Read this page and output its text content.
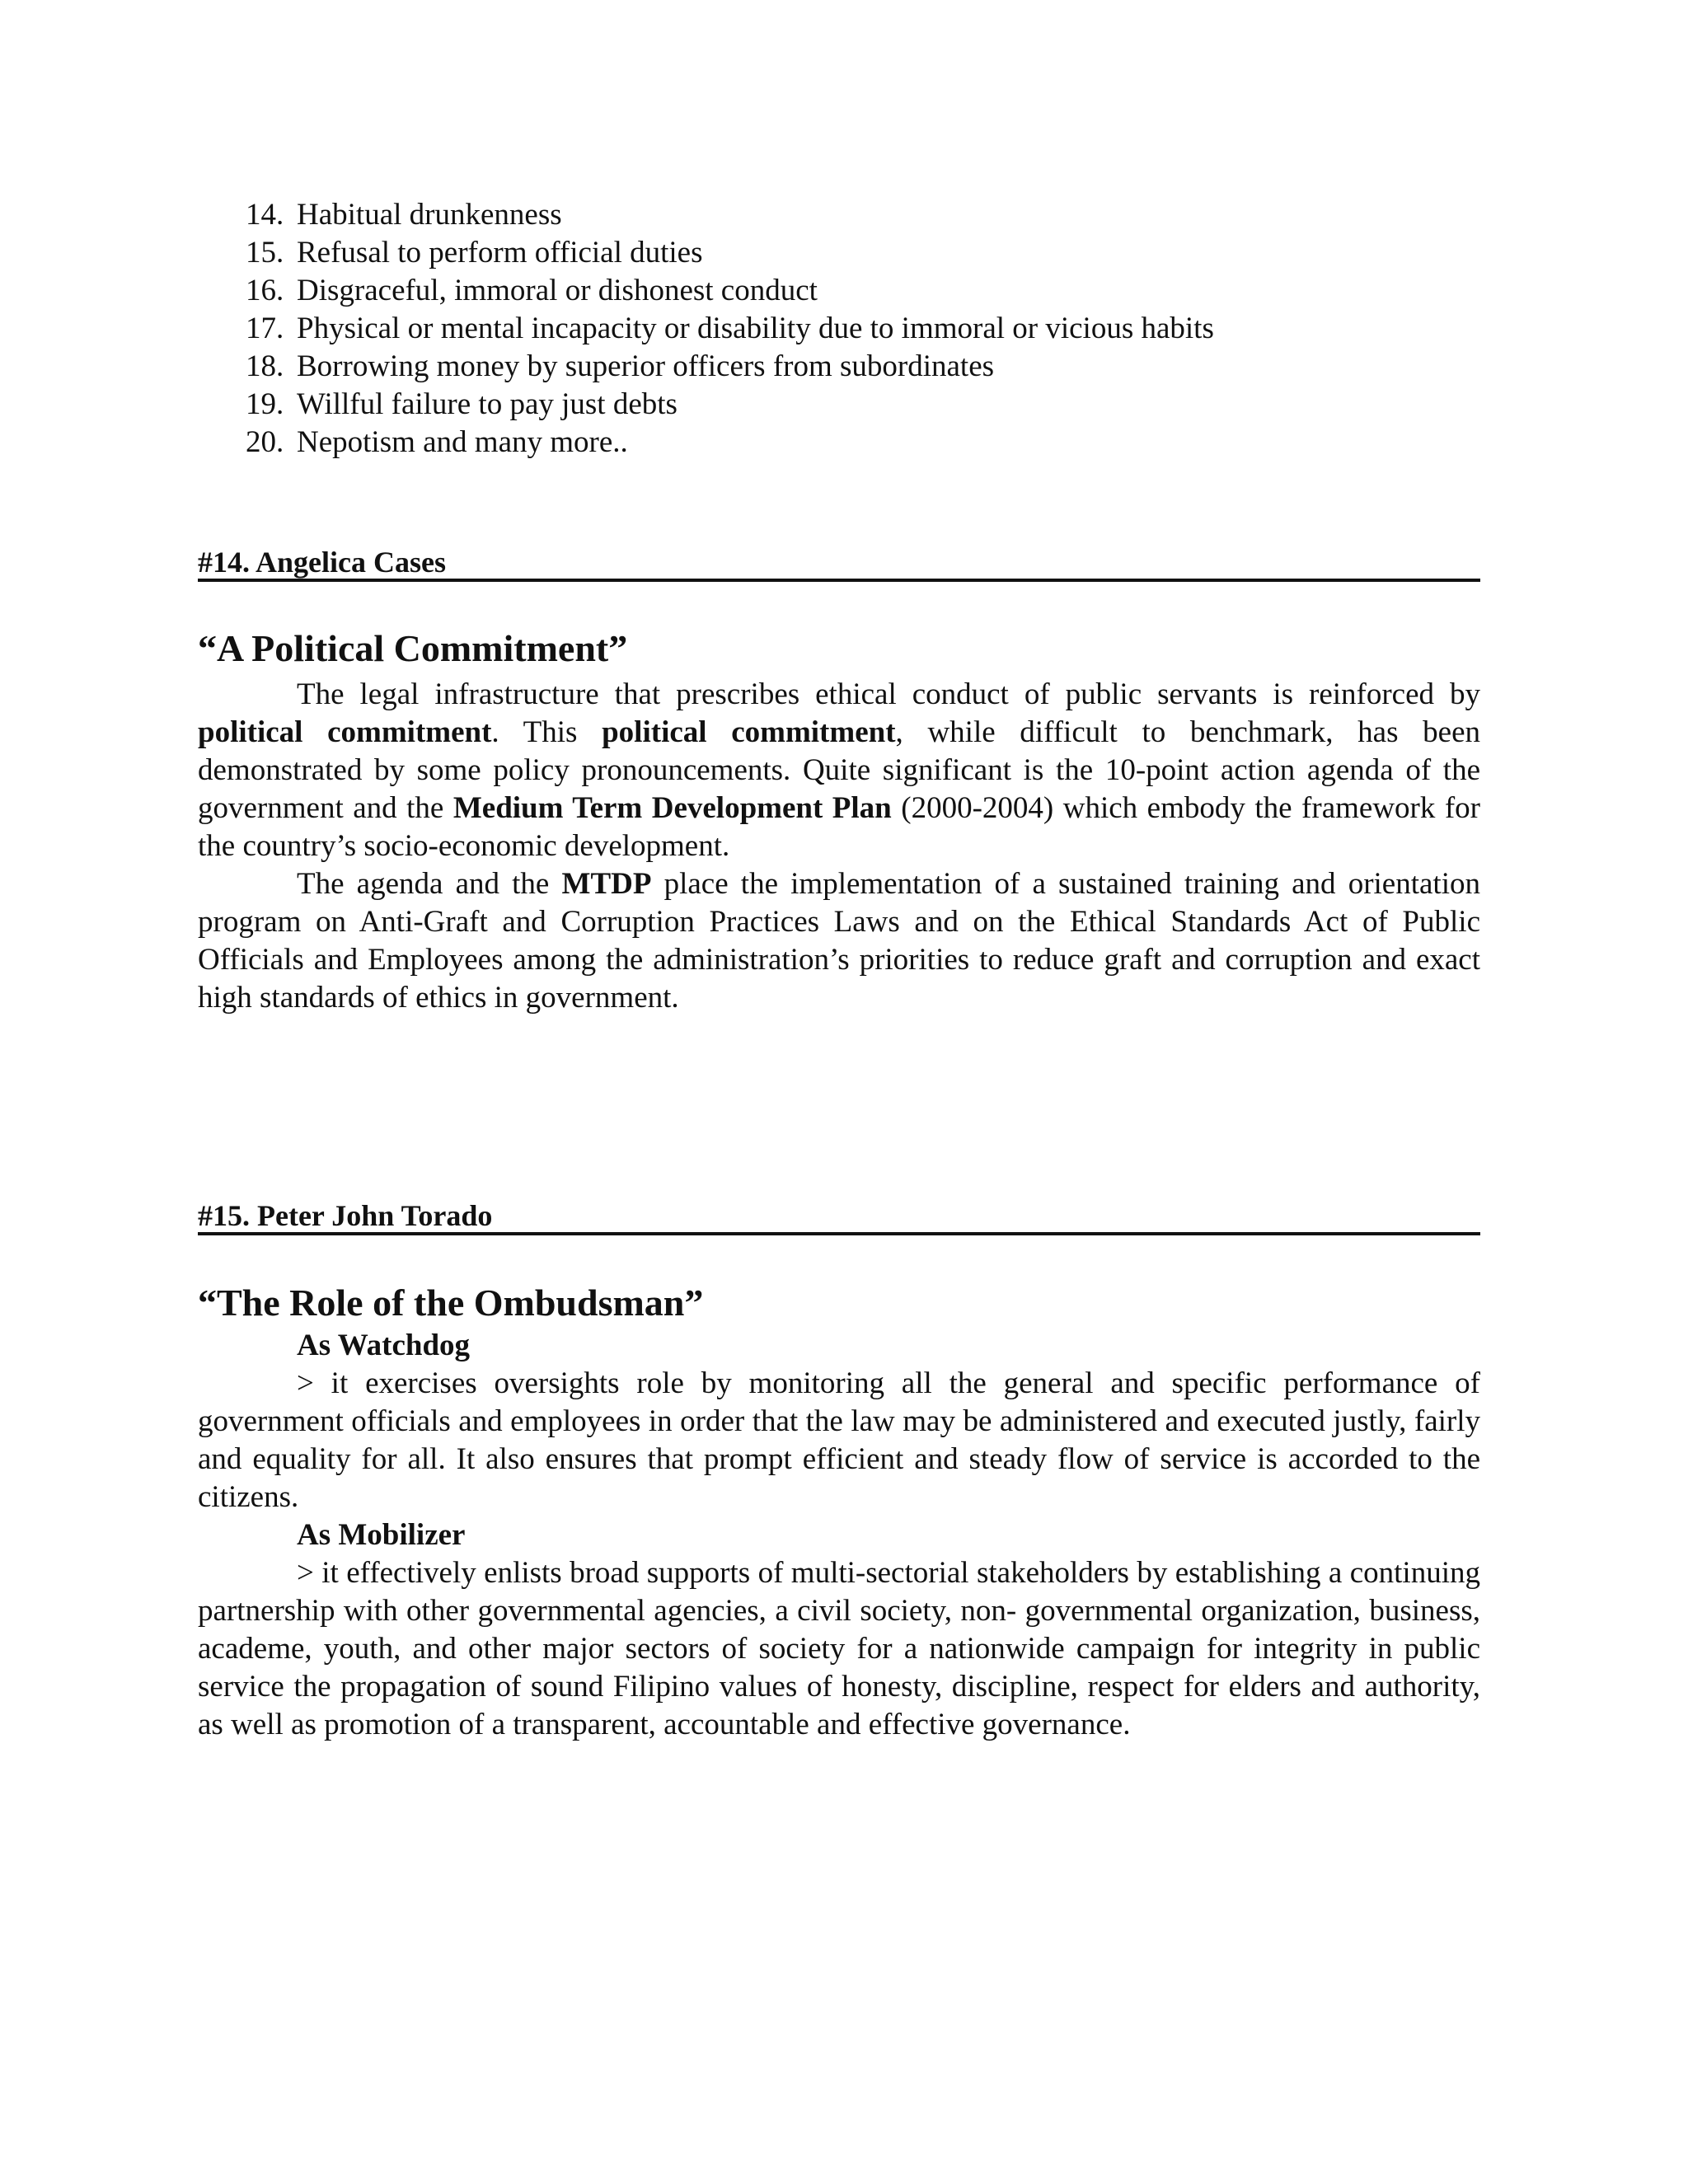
14. Habitual drunkenness
15. Refusal to perform official duties
16. Disgraceful, immoral or dishonest conduct
17. Physical or mental incapacity or disability due to immoral or vicious habits
18. Borrowing money by superior officers from subordinates
19. Willful failure to pay just debts
20. Nepotism and many more..
#14. Angelica Cases
“A Political Commitment”

The legal infrastructure that prescribes ethical conduct of public servants is reinforced by political commitment. This political commitment, while difficult to benchmark, has been demonstrated by some policy pronouncements. Quite significant is the 10-point action agenda of the government and the Medium Term Development Plan (2000-2004) which embody the framework for the country’s socio-economic development.

The agenda and the MTDP place the implementation of a sustained training and orientation program on Anti-Graft and Corruption Practices Laws and on the Ethical Standards Act of Public Officials and Employees among the administration’s priorities to reduce graft and corruption and exact high standards of ethics in government.

#15. Peter John Torado
“The Role of the Ombudsman”
As Watchdog

> it exercises oversights role by monitoring all the general and specific performance of government officials and employees in order that the law may be administered and executed justly, fairly and equality for all. It also ensures that prompt efficient and steady flow of service is accorded to the citizens.

As Mobilizer

> it effectively enlists broad supports of multi-sectorial stakeholders by establishing a continuing partnership with other governmental agencies, a civil society, non- governmental organization, business, academe, youth, and other major sectors of society for a nationwide campaign for integrity in public service the propagation of sound Filipino values of honesty, discipline, respect for elders and authority, as well as promotion of a transparent, accountable and effective governance.
